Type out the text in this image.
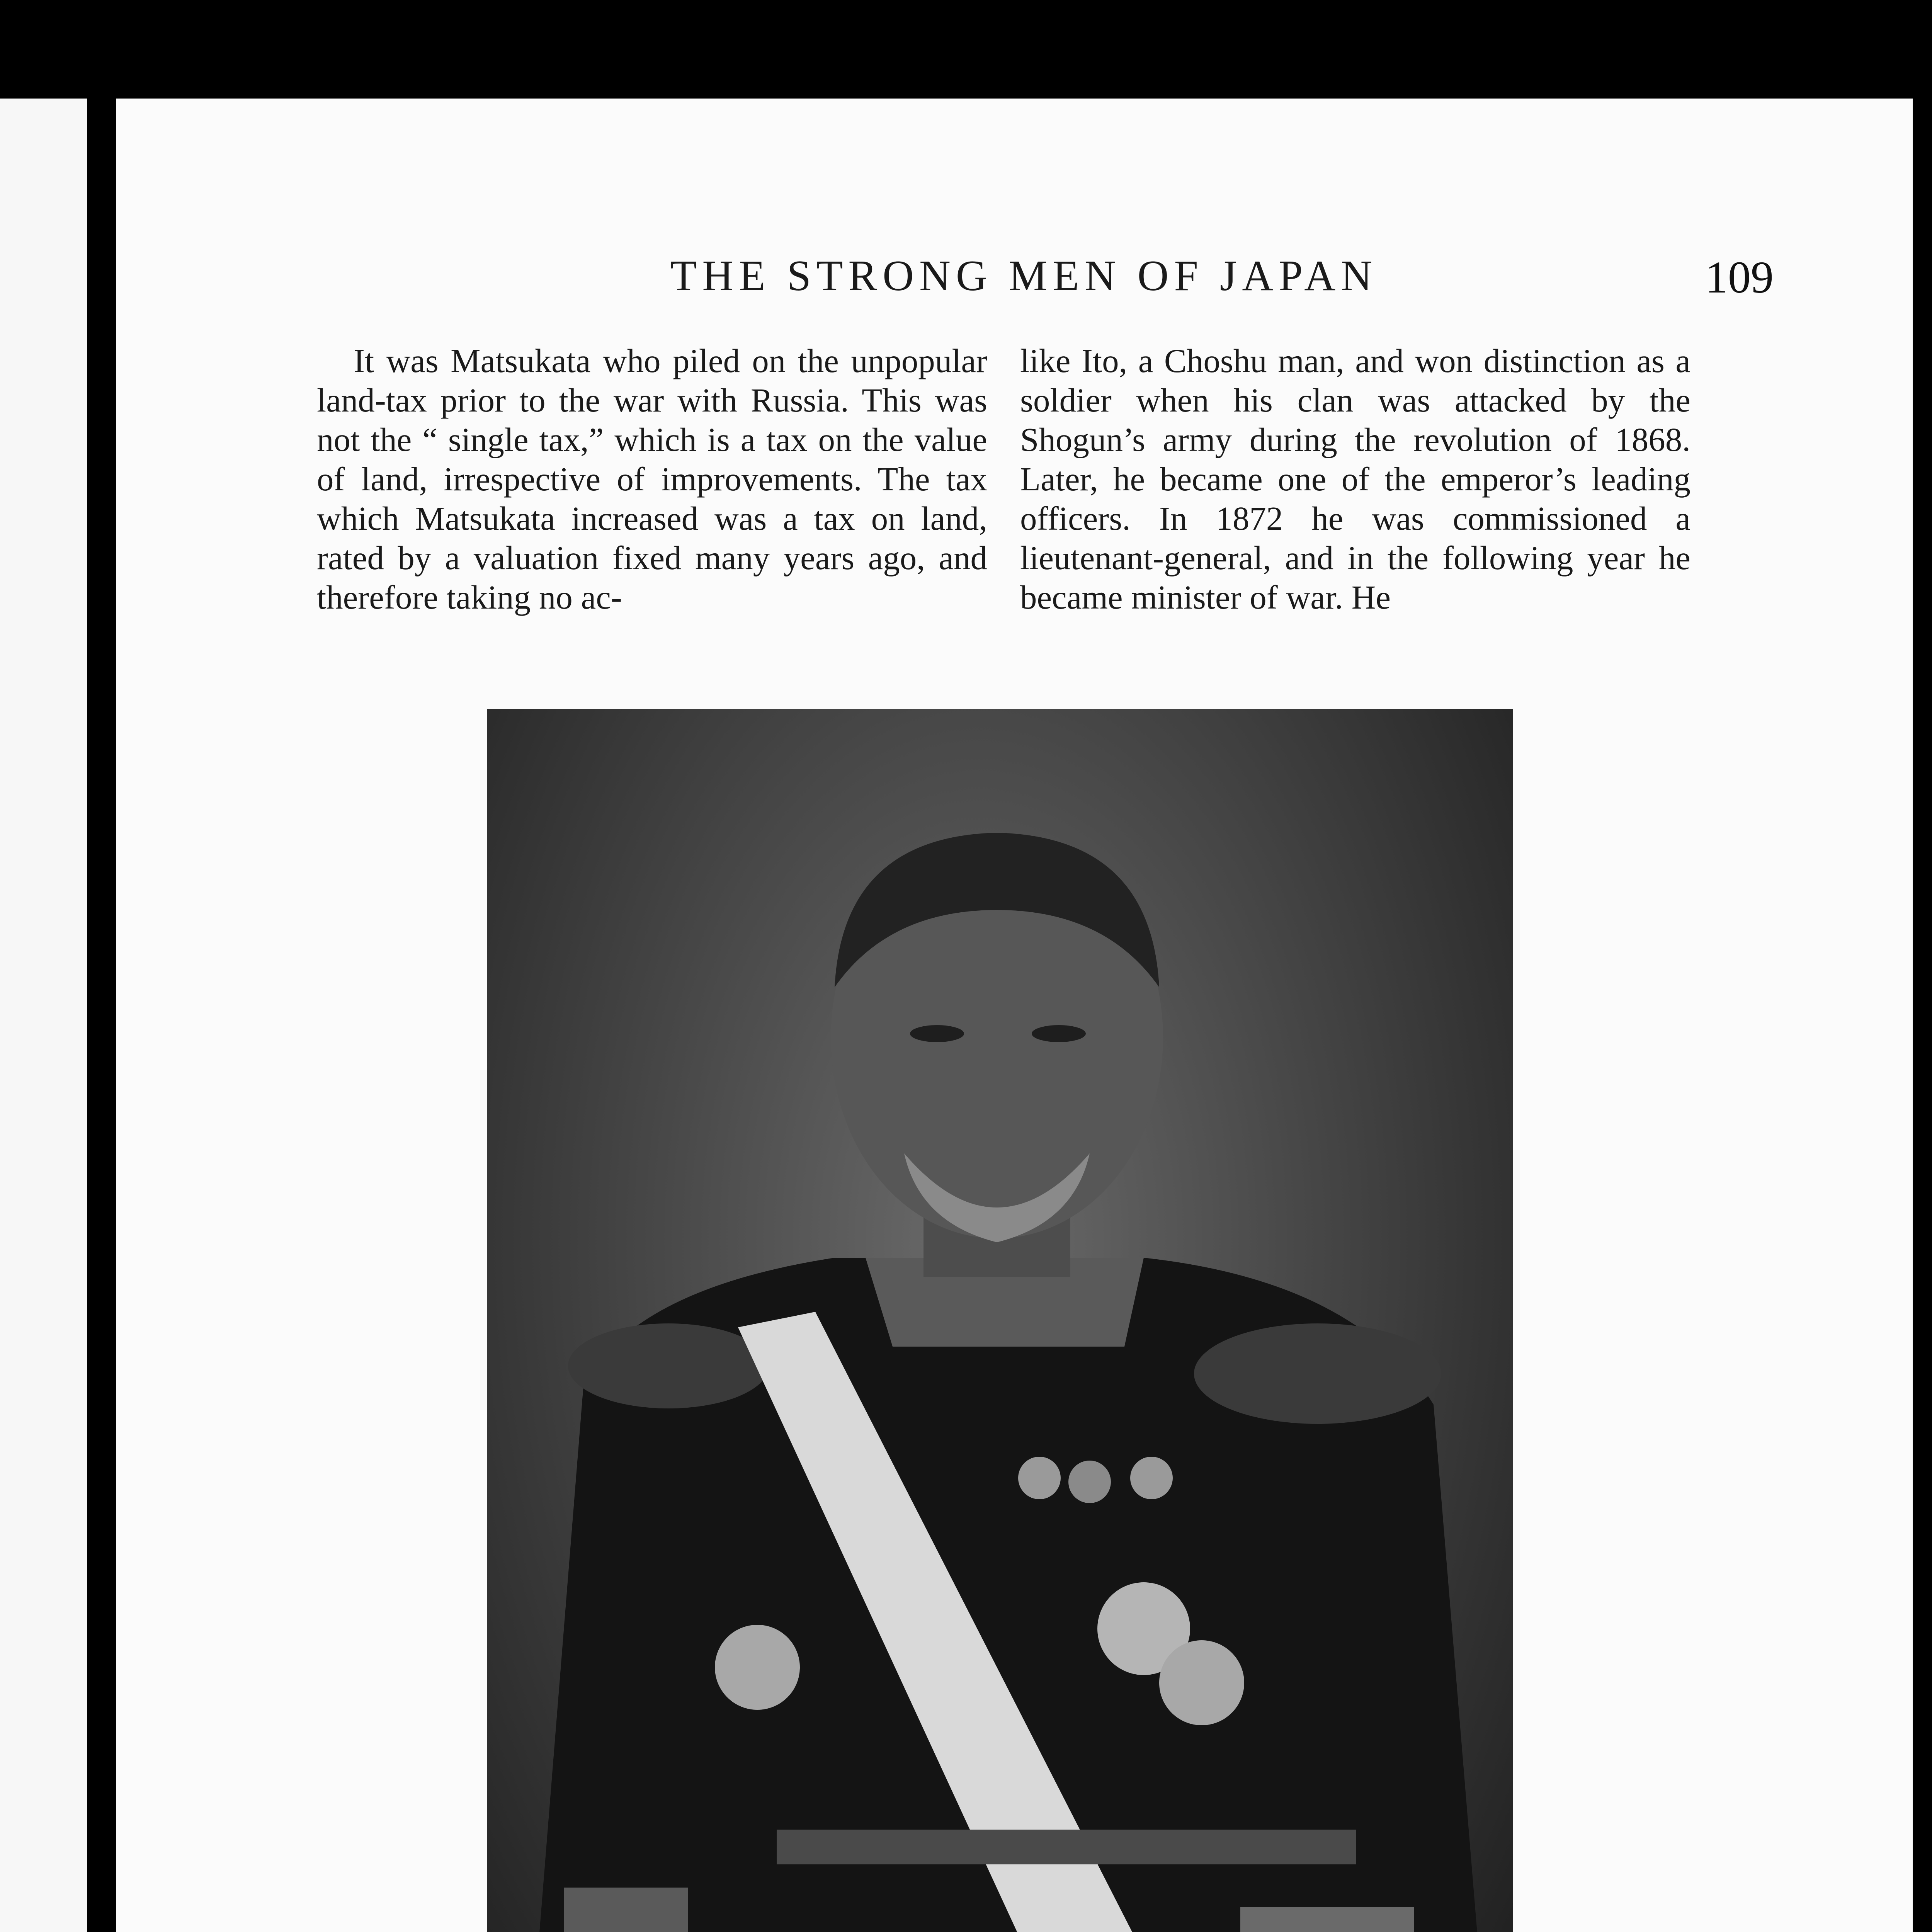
THE STRONG MEN OF JAPAN	109

It was Matsukata who piled on the unpopular land-tax prior to the war with Russia. This was not the “ single tax,” which is a tax on the value of land, irrespective of improvements. The tax which Matsukata increased was a tax on land, rated by a valuation fixed many years ago, and therefore taking no ac-

like Ito, a Choshu man, and won distinction as a soldier when his clan was attacked by the Shogun’s army during the revolution of 1868. Later, he became one of the emperor’s leading officers. In 1872 he was commissioned a lieutenant-general, and in the following year he became minister of war. He
